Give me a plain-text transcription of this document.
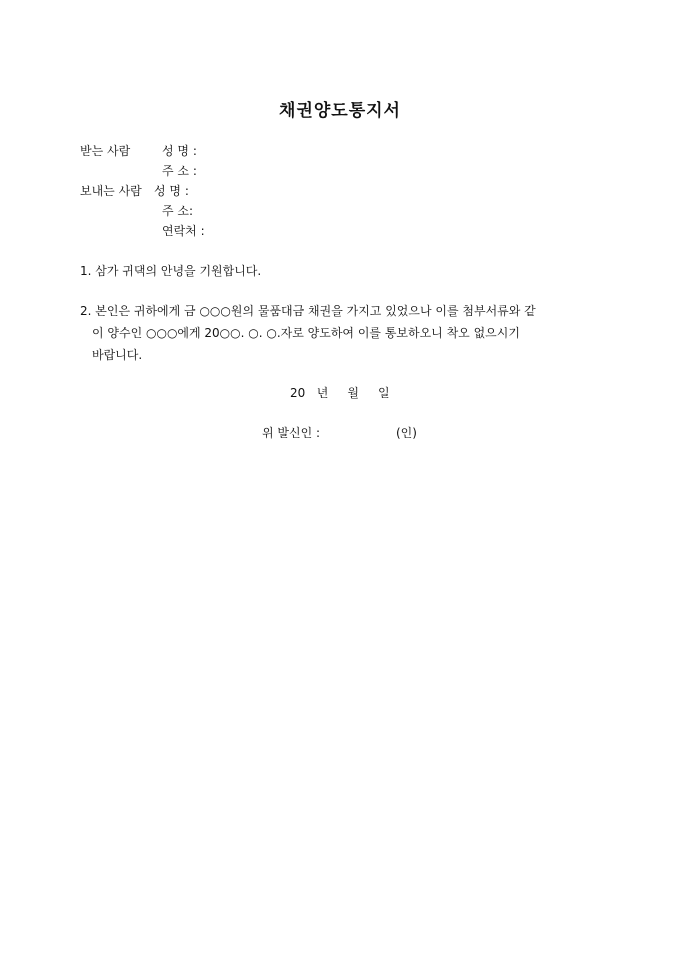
채권양도통지서
받는 사람	성 명 :
주 소 :
보내는 사람 성 명 :
주 소:
연락처 :
1. 삼가 귀댁의 안녕을 기원합니다.
2. 본인은 귀하에게 금 ○○○원의 물품대금 채권을 가지고 있었으나 이를 첨부서류와 같
이 양수인 ○○○에게 20○○. ○. ○.자로 양도하여 이를 통보하오니 착오 없으시기
바랍니다.
20   년     월     일
위 발신인 :	(인)
